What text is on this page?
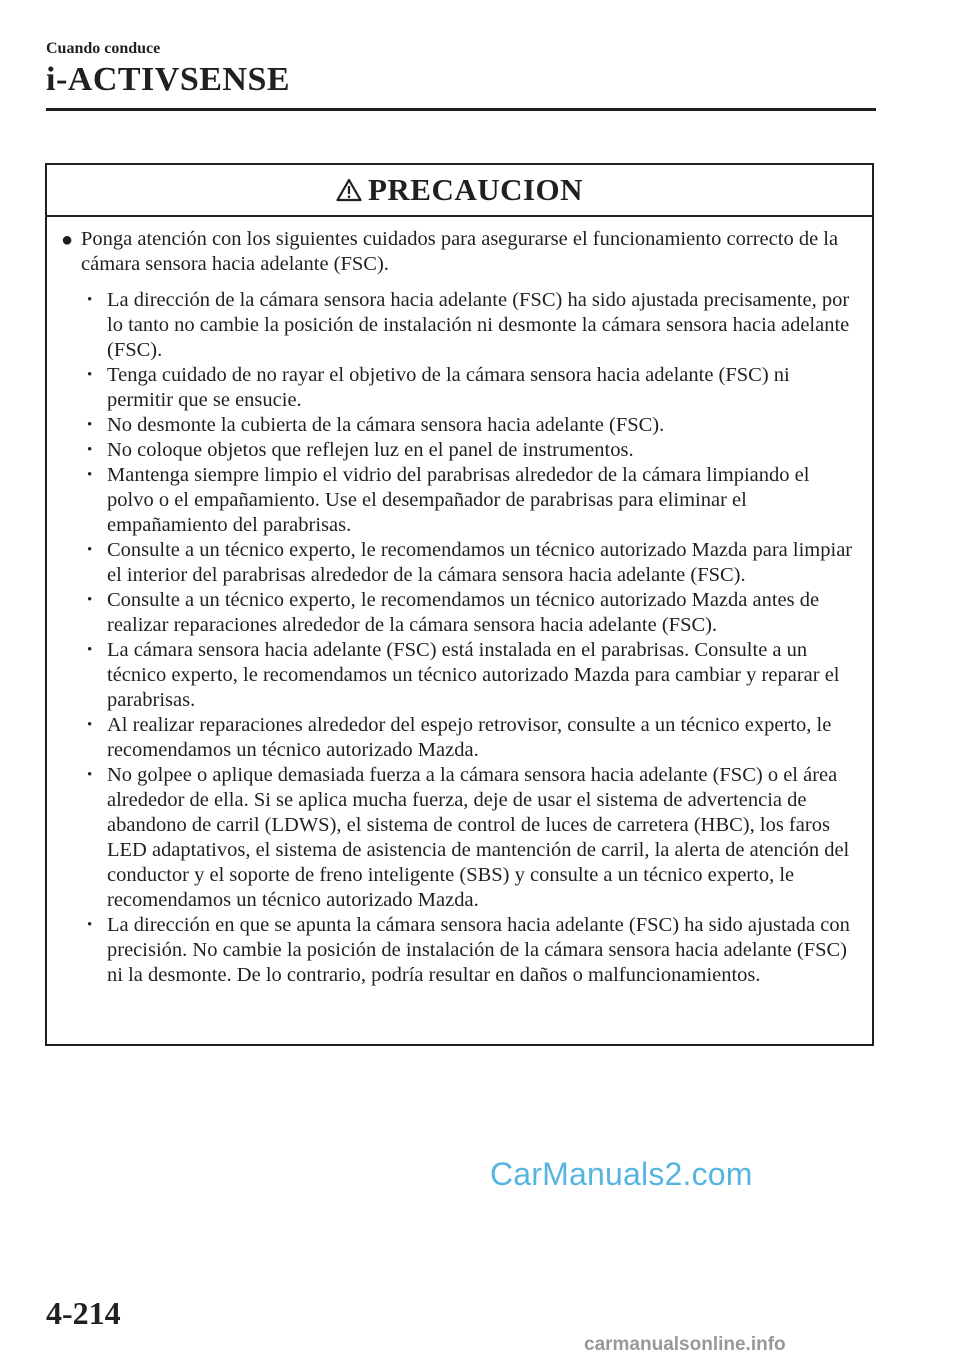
Cuando conduce
i-ACTIVSENSE
PRECAUCION
● Ponga atención con los siguientes cuidados para asegurarse el funcionamiento correcto de la cámara sensora hacia adelante (FSC).
• La dirección de la cámara sensora hacia adelante (FSC) ha sido ajustada precisamente, por lo tanto no cambie la posición de instalación ni desmonte la cámara sensora hacia adelante (FSC).
• Tenga cuidado de no rayar el objetivo de la cámara sensora hacia adelante (FSC) ni permitir que se ensucie.
• No desmonte la cubierta de la cámara sensora hacia adelante (FSC).
• No coloque objetos que reflejen luz en el panel de instrumentos.
• Mantenga siempre limpio el vidrio del parabrisas alrededor de la cámara limpiando el polvo o el empañamiento. Use el desempañador de parabrisas para eliminar el empañamiento del parabrisas.
• Consulte a un técnico experto, le recomendamos un técnico autorizado Mazda para limpiar el interior del parabrisas alrededor de la cámara sensora hacia adelante (FSC).
• Consulte a un técnico experto, le recomendamos un técnico autorizado Mazda antes de realizar reparaciones alrededor de la cámara sensora hacia adelante (FSC).
• La cámara sensora hacia adelante (FSC) está instalada en el parabrisas. Consulte a un técnico experto, le recomendamos un técnico autorizado Mazda para cambiar y reparar el parabrisas.
• Al realizar reparaciones alrededor del espejo retrovisor, consulte a un técnico experto, le recomendamos un técnico autorizado Mazda.
• No golpee o aplique demasiada fuerza a la cámara sensora hacia adelante (FSC) o el área alrededor de ella. Si se aplica mucha fuerza, deje de usar el sistema de advertencia de abandono de carril (LDWS), el sistema de control de luces de carretera (HBC), los faros LED adaptativos, el sistema de asistencia de mantención de carril, la alerta de atención del conductor y el soporte de freno inteligente (SBS) y consulte a un técnico experto, le recomendamos un técnico autorizado Mazda.
• La dirección en que se apunta la cámara sensora hacia adelante (FSC) ha sido ajustada con precisión. No cambie la posición de instalación de la cámara sensora hacia adelante (FSC) ni la desmonte. De lo contrario, podría resultar en daños o malfuncionamientos.
CarManuals2.com
4-214
carmanualsonline.info
